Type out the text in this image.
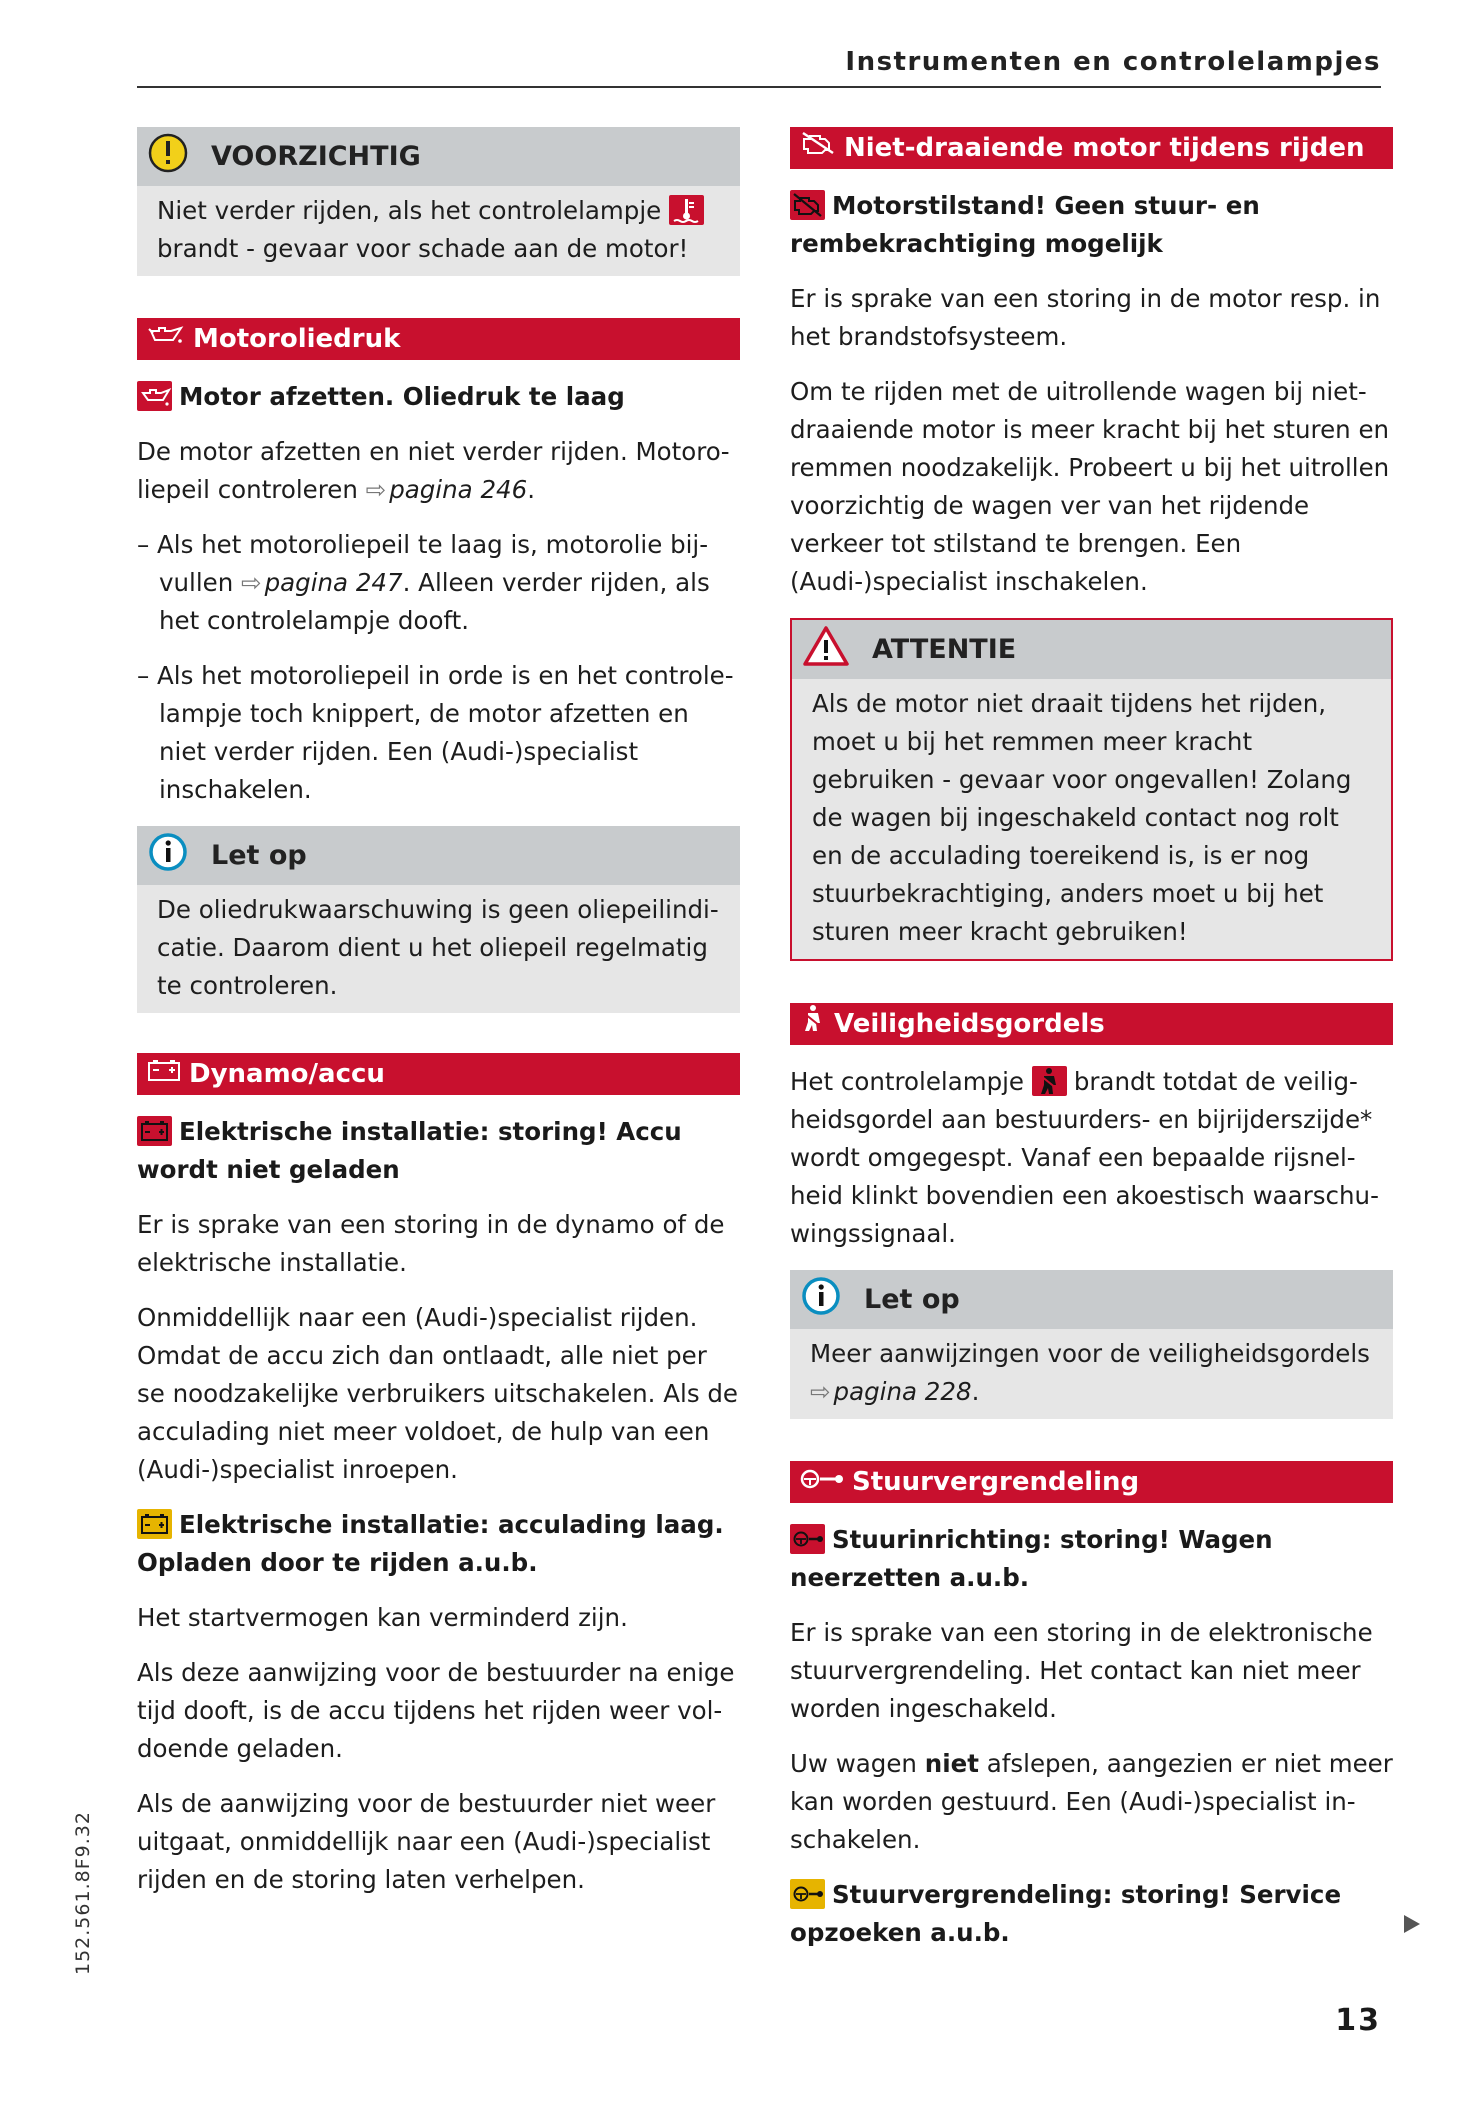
Instrumenten en controlelampjes
VOORZICHTIG
Niet verder rijden, als het controlelampje
brandt - gevaar voor schade aan de motor!
Motoroliedruk
Motor afzetten. Oliedruk te laag

De motor afzetten en niet verder rijden. Motoroliepeil controleren ⇨ pagina 246.

– Als het motoroliepeil te laag is, motorolie bijvullen ⇨ pagina 247. Alleen verder rijden, als het controlelampje dooft.

– Als het motoroliepeil in orde is en het controlelampje toch knippert, de motor afzetten en niet verder rijden. Een (Audi-)specialist inschakelen.

Let op
De oliedrukwaarschuwing is geen oliepeilindicatie. Daarom dient u het oliepeil regelmatig te controleren.
Dynamo/accu
Elektrische installatie: storing! Accu wordt niet geladen

Er is sprake van een storing in de dynamo of de elektrische installatie.

Onmiddellijk naar een (Audi-)specialist rijden. Omdat de accu zich dan ontlaadt, alle niet per se noodzakelijke verbruikers uitschakelen. Als de acculading niet meer voldoet, de hulp van een (Audi-)specialist inroepen.

Elektrische installatie: acculading laag. Opladen door te rijden a.u.b.

Het startvermogen kan verminderd zijn.

Als deze aanwijzing voor de bestuurder na enige tijd dooft, is de accu tijdens het rijden weer voldoende geladen.

Als de aanwijzing voor de bestuurder niet weer uitgaat, onmiddellijk naar een (Audi-)specialist rijden en de storing laten verhelpen.

Niet-draaiende motor tijdens rijden
Motorstilstand! Geen stuur- en rembekrachtiging mogelijk

Er is sprake van een storing in de motor resp. in het brandstofsysteem.

Om te rijden met de uitrollende wagen bij niet-draaiende motor is meer kracht bij het sturen en remmen noodzakelijk. Probeert u bij het uitrollen voorzichtig de wagen ver van het rijdende verkeer tot stilstand te brengen. Een (Audi-)specialist inschakelen.

ATTENTIE
Als de motor niet draait tijdens het rijden, moet u bij het remmen meer kracht gebruiken - gevaar voor ongevallen! Zolang de wagen bij ingeschakeld contact nog rolt en de acculading toereikend is, is er nog stuurbekrachtiging, anders moet u bij het sturen meer kracht gebruiken!
Veiligheidsgordels

Het controlelampje brandt totdat de veiligheidsgordel aan bestuurders- en bijrijderszijde* wordt omgegespt. Vanaf een bepaalde rijsnelheid klinkt bovendien een akoestisch waarschuwingssignaal.

Let op
Meer aanwijzingen voor de veiligheidsgordels
⇨ pagina 228.
Stuurvergrendeling
Stuurinrichting: storing! Wagen neerzetten a.u.b.

Er is sprake van een storing in de elektronische stuurvergrendeling. Het contact kan niet meer worden ingeschakeld.

Uw wagen niet afslepen, aangezien er niet meer kan worden gestuurd. Een (Audi-)specialist inschakelen.

Stuurvergrendeling: storing! Service opzoeken a.u.b.
152.561.8F9.32
13
